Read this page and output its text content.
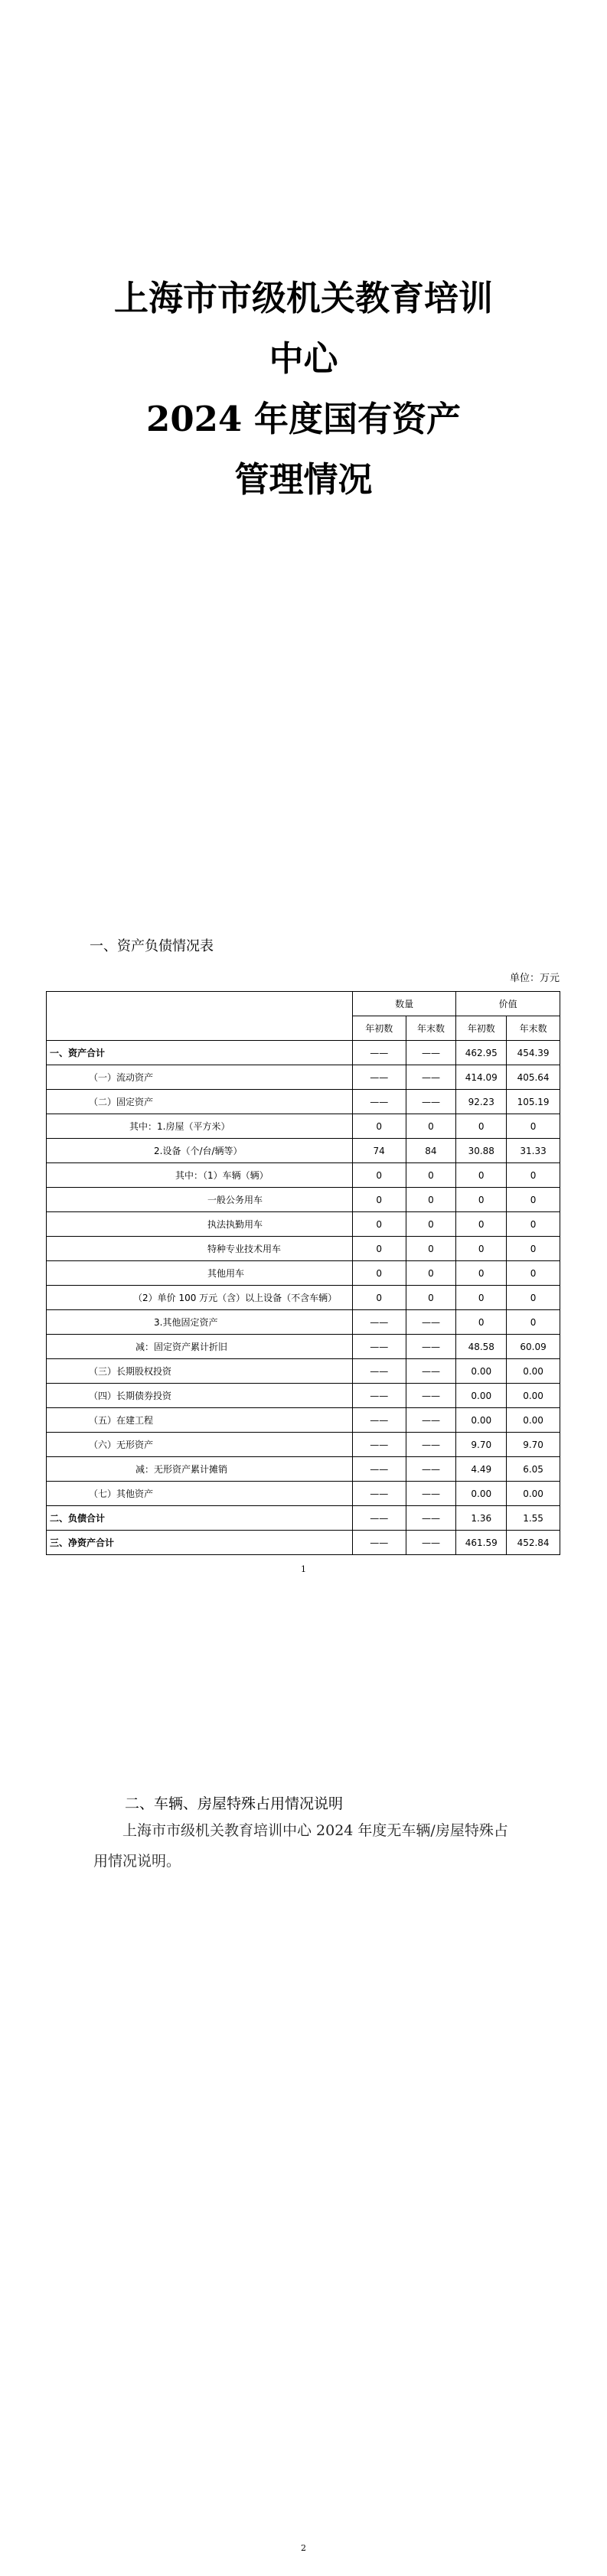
上海市市级机关教育培训
中心
2024 年度国有资产
管理情况
一、资产负债情况表
单位：万元
	数量		价值	
	年初数	年末数	年初数	年末数
一、资产合计	——	——	462.95	454.39
（一）流动资产	——	——	414.09	405.64
（二）固定资产	——	——	92.23	105.19
其中：1.房屋（平方米）	0	0	0	0
2.设备（个/台/辆等）	74	84	30.88	31.33
其中：（1）车辆（辆）	0	0	0	0
一般公务用车	0	0	0	0
执法执勤用车	0	0	0	0
特种专业技术用车	0	0	0	0
其他用车	0	0	0	0
（2）单价 100 万元（含）以上设备（不含车辆）	0	0	0	0
3.其他固定资产	——	——	0	0
减：固定资产累计折旧	——	——	48.58	60.09
（三）长期股权投资	——	——	0.00	0.00
（四）长期债券投资	——	——	0.00	0.00
（五）在建工程	——	——	0.00	0.00
（六）无形资产	——	——	9.70	9.70
减：无形资产累计摊销	——	——	4.49	6.05
（七）其他资产	——	——	0.00	0.00
二、负债合计	——	——	1.36	1.55
三、净资产合计	——	——	461.59	452.84
1
二、车辆、房屋特殊占用情况说明
上海市市级机关教育培训中心 2024 年度无车辆/房屋特殊占用情况说明。
2
